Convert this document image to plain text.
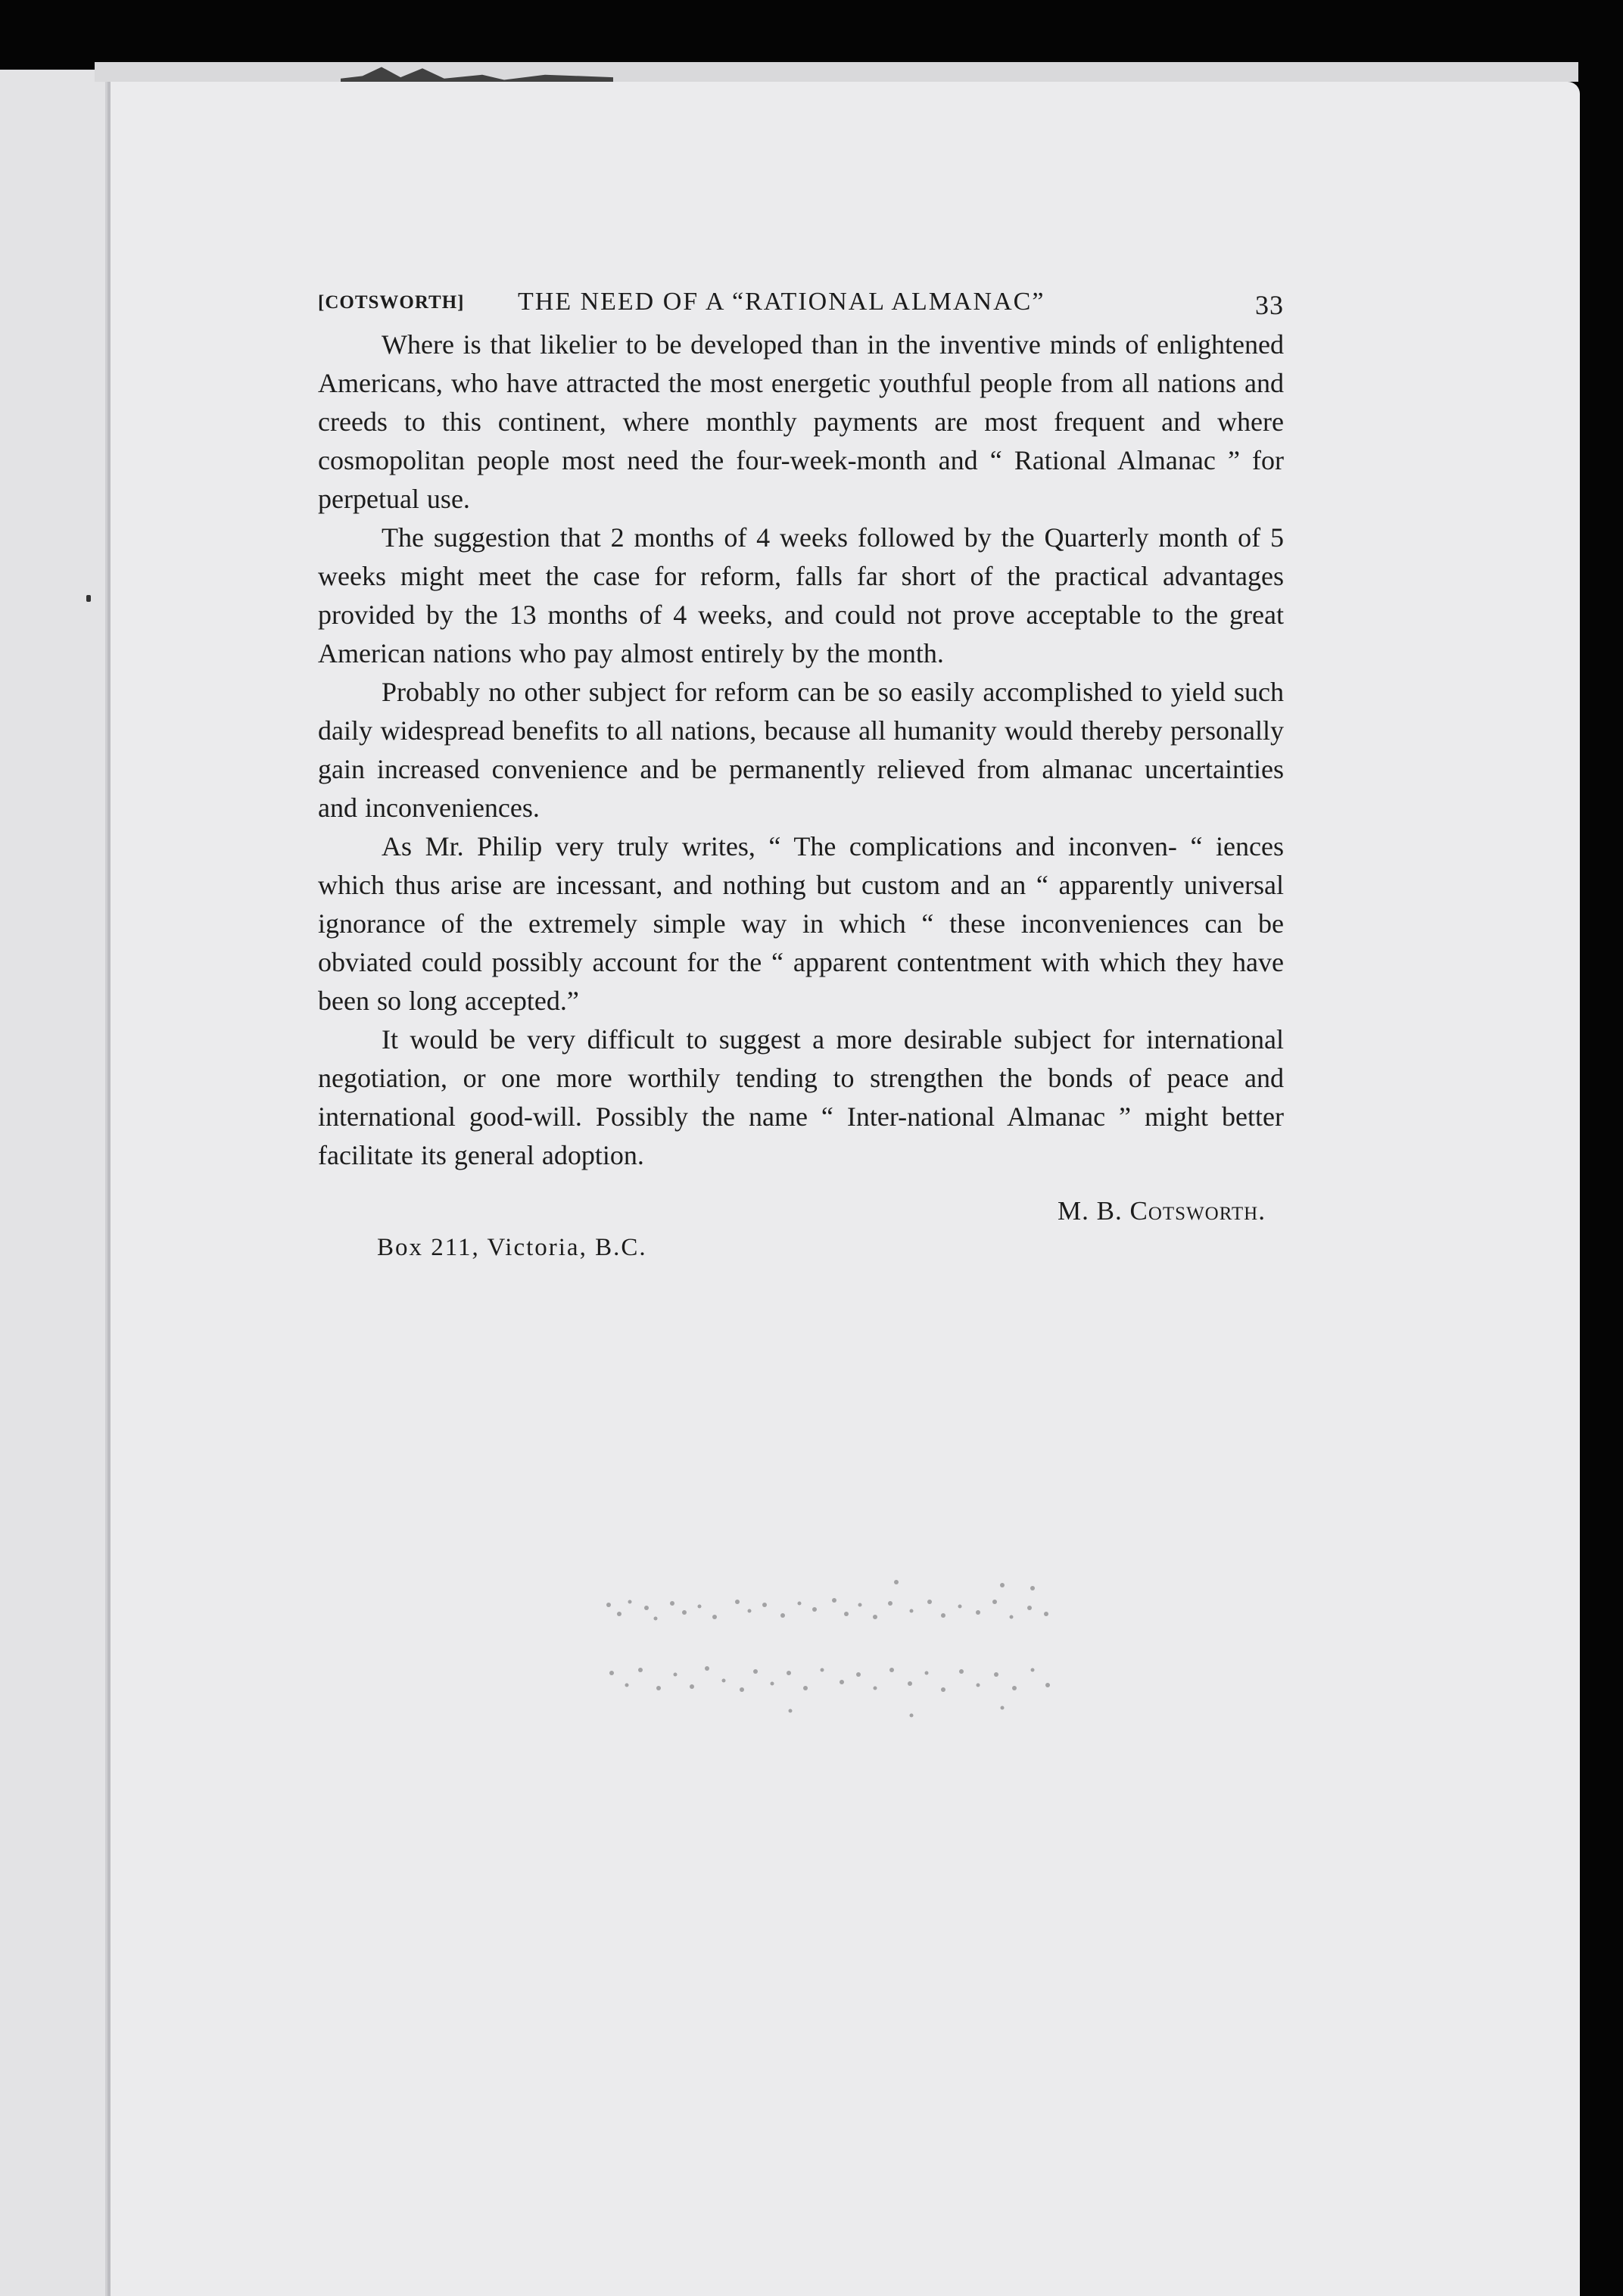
[COTSWORTH] THE NEED OF A “RATIONAL ALMANAC”	33

Where is that likelier to be developed than in the inventive minds of enlightened Americans, who have attracted the most energetic youthful people from all nations and creeds to this continent, where monthly payments are most frequent and where cosmopolitan people most need the four-week-month and “ Rational Almanac ” for perpetual use.

The suggestion that 2 months of 4 weeks followed by the Quarterly month of 5 weeks might meet the case for reform, falls far short of the practical advantages provided by the 13 months of 4 weeks, and could not prove acceptable to the great American nations who pay almost entirely by the month.

Probably no other subject for reform can be so easily accomplished to yield such daily widespread benefits to all nations, because all humanity would thereby personally gain increased convenience and be permanently relieved from almanac uncertainties and inconveniences.

As Mr. Philip very truly writes, “ The complications and inconven- “ iences which thus arise are incessant, and nothing but custom and an “ apparently universal ignorance of the extremely simple way in which “ these inconveniences can be obviated could possibly account for the “ apparent contentment with which they have been so long accepted.”

It would be very difficult to suggest a more desirable subject for international negotiation, or one more worthily tending to strengthen the bonds of peace and international good-will. Possibly the name “ Inter-national Almanac ” might better facilitate its general adoption.

M. B. Cotsworth.
Box 211, Victoria, B.C.
